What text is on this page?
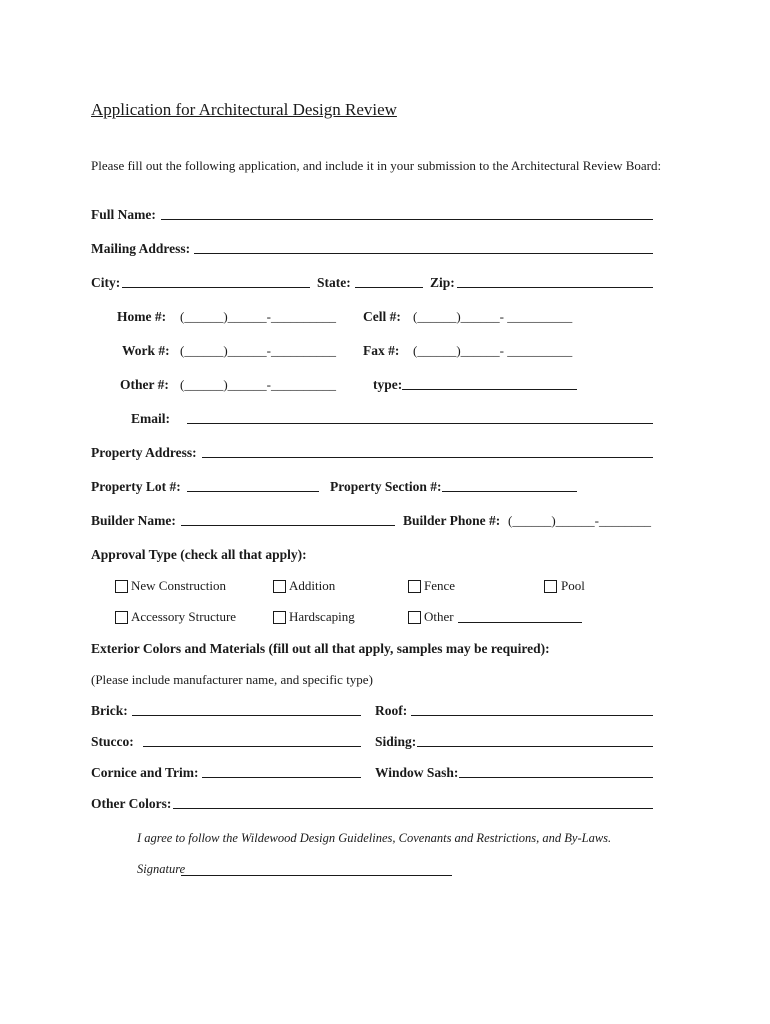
Application for Architectural Design Review
Please fill out the following application, and include it in your submission to the Architectural Review Board:
Full Name:
Mailing Address:
City:	State:	Zip:
Home #: (______)______-__________ Cell #: (______)______- __________
Work #: (______)______-__________ Fax #: (______)______- __________
Other #: (______)______-__________	type:
Email:
Property Address:
Property Lot #:	Property Section #:
Builder Name:	Builder Phone #: (______)______-________
Approval Type (check all that apply):
New Construction	Addition	Fence	Pool
Accessory Structure	Hardscaping	Other
Exterior Colors and Materials (fill out all that apply, samples may be required):
(Please include manufacturer name, and specific type)
Brick:	Roof:
Stucco:	Siding:
Cornice and Trim:	Window Sash:
Other Colors:
I agree to follow the Wildewood Design Guidelines, Covenants and Restrictions, and By-Laws.
Signature
